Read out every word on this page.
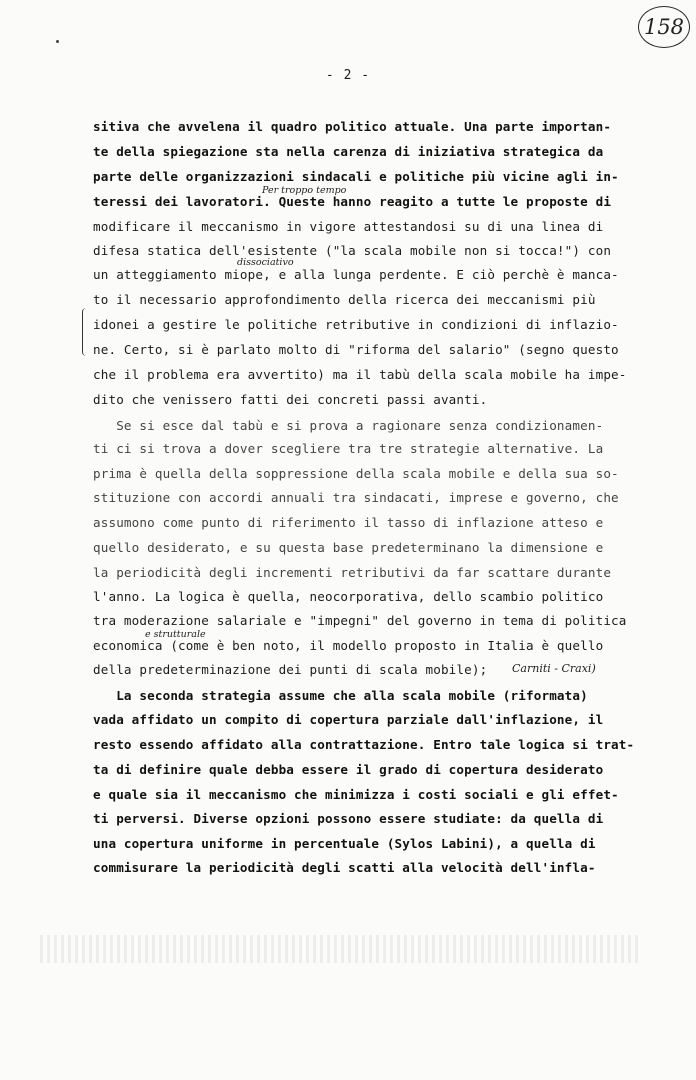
158
- 2 -
sitiva che avvelena il quadro politico attuale. Una parte importan-
te della spiegazione sta nella carenza di iniziativa strategica da
parte delle organizzazioni sindacali e politiche più vicine agli in-
teressi dei lavoratori. Queste hanno reagito a tutte le proposte di
modificare il meccanismo in vigore attestandosi su di una linea di
difesa statica dell'esistente ("la scala mobile non si tocca!") con
un atteggiamento miope, e alla lunga perdente. E ciò perchè è manca-
to il necessario approfondimento della ricerca dei meccanismi più
idonei a gestire le politiche retributive in condizioni di inflazio-
ne. Certo, si è parlato molto di "riforma del salario" (segno questo
che il problema era avvertito) ma il tabù della scala mobile ha impe-
dito che venissero fatti dei concreti passi avanti.
Se si esce dal tabù e si prova a ragionare senza condizionamen-
ti ci si trova a dover scegliere tra tre strategie alternative. La
prima è quella della soppressione della scala mobile e della sua so-
stituzione con accordi annuali tra sindacati, imprese e governo, che
assumono come punto di riferimento il tasso di inflazione atteso e
quello desiderato, e su questa base predeterminano la dimensione e
la periodicità degli incrementi retributivi da far scattare durante
l'anno. La logica è quella, neocorporativa, dello scambio politico
tra moderazione salariale e "impegni" del governo in tema di politica
economica (come è ben noto, il modello proposto in Italia è quello
della predeterminazione dei punti di scala mobile);
La seconda strategia assume che alla scala mobile (riformata)
vada affidato un compito di copertura parziale dall'inflazione, il
resto essendo affidato alla contrattazione. Entro tale logica si trat-
ta di definire quale debba essere il grado di copertura desiderato
e quale sia il meccanismo che minimizza i costi sociali e gli effet-
ti perversi. Diverse opzioni possono essere studiate: da quella di
una copertura uniforme in percentuale (Sylos Labini), a quella di
commisurare la periodicità degli scatti alla velocità dell'infla-
Per troppo tempo
dissociativo
e strutturale
Carniti - Craxi)
